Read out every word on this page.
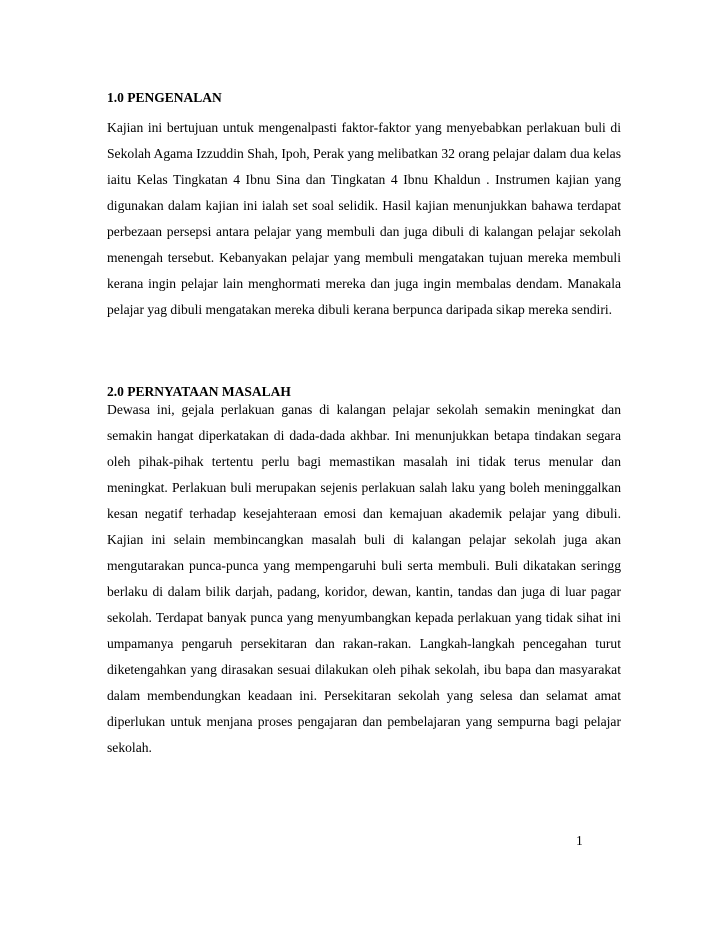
1.0 PENGENALAN

Kajian ini bertujuan untuk mengenalpasti faktor-faktor yang menyebabkan perlakuan buli di Sekolah Agama Izzuddin Shah, Ipoh, Perak yang melibatkan 32 orang pelajar dalam dua kelas iaitu Kelas Tingkatan 4 Ibnu Sina dan Tingkatan 4 Ibnu Khaldun . Instrumen kajian yang digunakan dalam kajian ini ialah set soal selidik. Hasil kajian menunjukkan bahawa terdapat perbezaan persepsi antara pelajar yang membuli dan juga dibuli di kalangan pelajar sekolah menengah tersebut. Kebanyakan pelajar yang membuli mengatakan tujuan mereka membuli kerana ingin pelajar lain menghormati mereka dan juga ingin membalas dendam. Manakala pelajar yag dibuli mengatakan mereka dibuli kerana berpunca daripada sikap mereka sendiri.

2.0 PERNYATAAN MASALAH

Dewasa ini, gejala perlakuan ganas di kalangan pelajar sekolah semakin meningkat dan semakin hangat diperkatakan di dada-dada akhbar. Ini menunjukkan betapa tindakan segara oleh pihak-pihak tertentu perlu bagi memastikan masalah ini tidak terus menular dan meningkat. Perlakuan buli merupakan sejenis perlakuan salah laku yang boleh meninggalkan kesan negatif terhadap kesejahteraan emosi dan kemajuan akademik pelajar yang dibuli. Kajian ini selain membincangkan masalah buli di kalangan pelajar sekolah juga akan mengutarakan punca-punca yang mempengaruhi buli serta membuli. Buli dikatakan seringg berlaku di dalam bilik darjah, padang, koridor, dewan, kantin, tandas dan juga di luar pagar sekolah. Terdapat banyak punca yang menyumbangkan kepada perlakuan yang tidak sihat ini umpamanya pengaruh persekitaran dan rakan-rakan. Langkah-langkah pencegahan turut diketengahkan yang dirasakan sesuai dilakukan oleh pihak sekolah, ibu bapa dan masyarakat dalam membendungkan keadaan ini. Persekitaran sekolah yang selesa dan selamat amat diperlukan untuk menjana proses pengajaran dan pembelajaran yang sempurna bagi pelajar sekolah.

1
